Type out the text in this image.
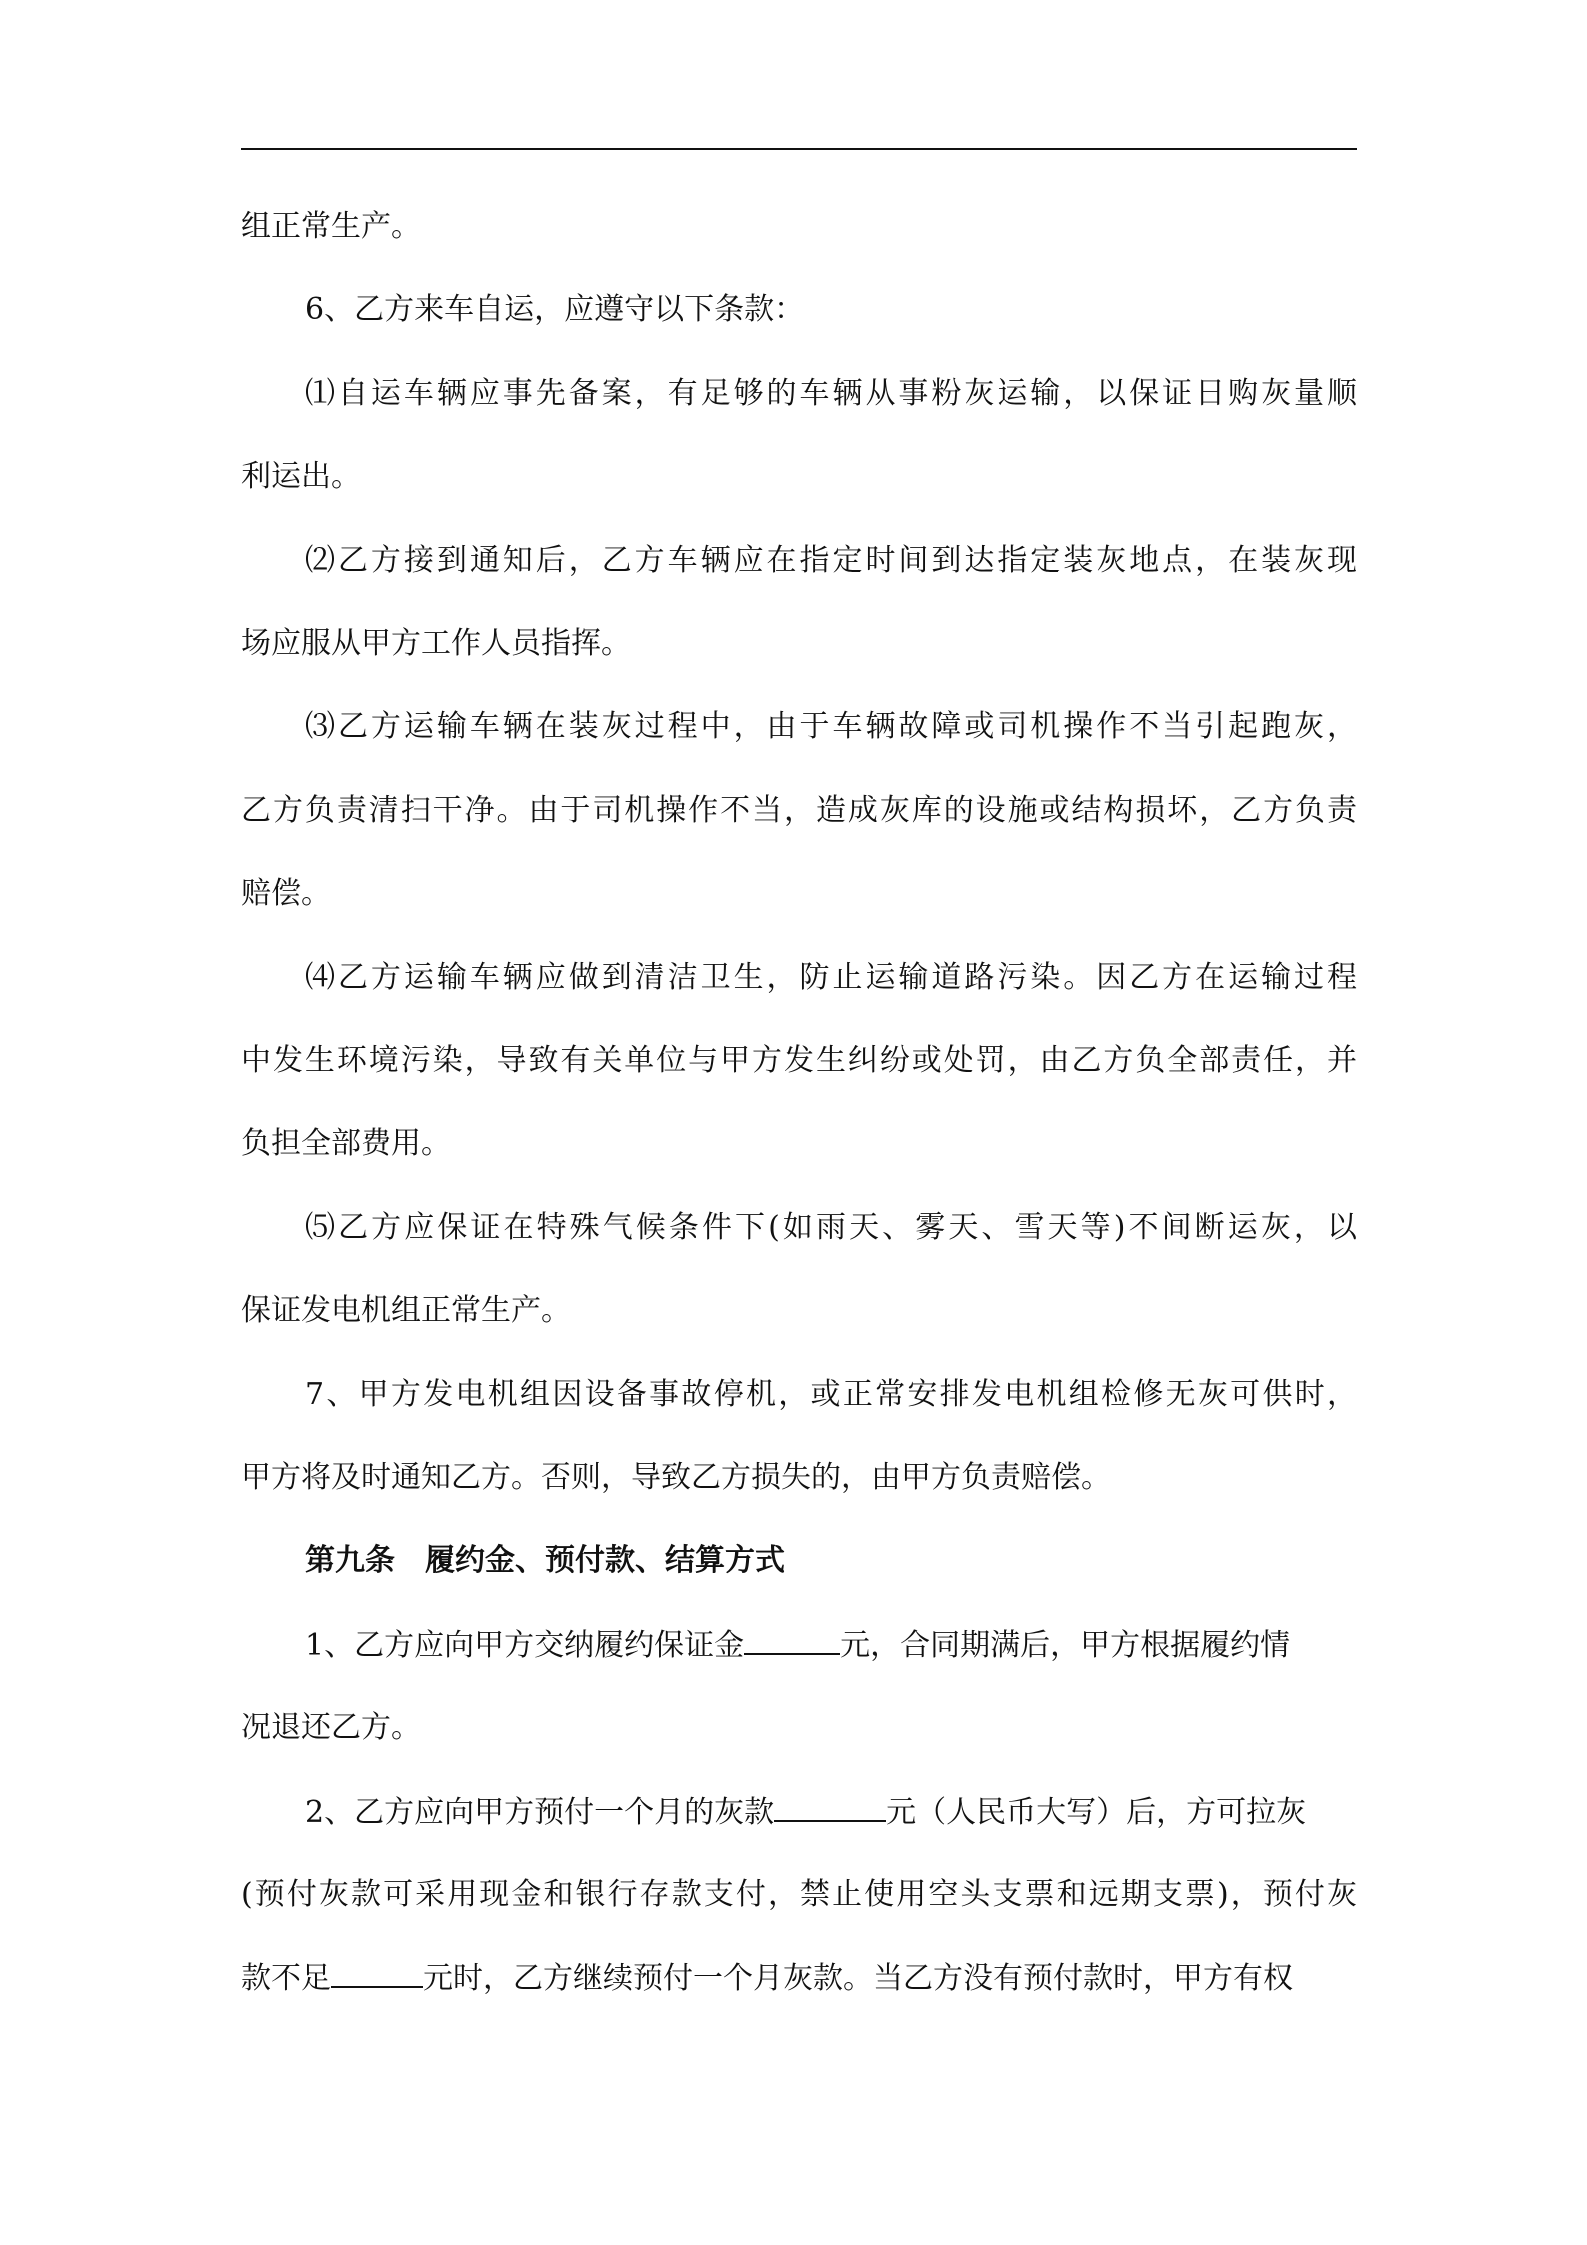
组正常生产。
6、乙方来车自运，应遵守以下条款：
⑴自运车辆应事先备案，有足够的车辆从事粉灰运输，以保证日购灰量顺
利运出。
⑵乙方接到通知后，乙方车辆应在指定时间到达指定装灰地点，在装灰现
场应服从甲方工作人员指挥。
⑶乙方运输车辆在装灰过程中，由于车辆故障或司机操作不当引起跑灰，
乙方负责清扫干净。由于司机操作不当，造成灰库的设施或结构损坏，乙方负责
赔偿。
⑷乙方运输车辆应做到清洁卫生，防止运输道路污染。因乙方在运输过程
中发生环境污染，导致有关单位与甲方发生纠纷或处罚，由乙方负全部责任，并
负担全部费用。
⑸乙方应保证在特殊气候条件下(如雨天、雾天、雪天等)不间断运灰，以
保证发电机组正常生产。
7、甲方发电机组因设备事故停机，或正常安排发电机组检修无灰可供时，
甲方将及时通知乙方。否则，导致乙方损失的，由甲方负责赔偿。
第九条　履约金、预付款、结算方式
1、乙方应向甲方交纳履约保证金	元，合同期满后，甲方根据履约情
况退还乙方。
2、乙方应向甲方预付一个月的灰款	元（人民币大写）后，方可拉灰
(预付灰款可采用现金和银行存款支付，禁止使用空头支票和远期支票)，预付灰
款不足	元时，乙方继续预付一个月灰款。当乙方没有预付款时，甲方有权
